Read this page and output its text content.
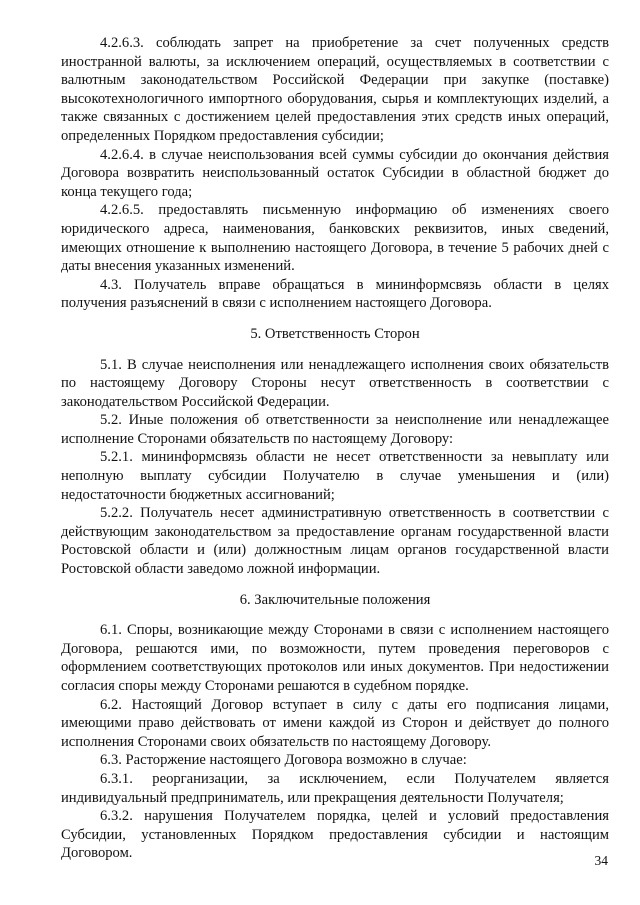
4.2.6.3. соблюдать запрет на приобретение за счет полученных средств иностранной валюты, за исключением операций, осуществляемых в соответствии с валютным законодательством Российской Федерации при закупке (поставке) высокотехнологичного импортного оборудования, сырья и комплектующих изделий, а также связанных с достижением целей предоставления этих средств иных операций, определенных Порядком предоставления субсидии;

4.2.6.4. в случае неиспользования всей суммы субсидии до окончания действия Договора возвратить неиспользованный остаток Субсидии в областной бюджет до конца текущего года;

4.2.6.5. предоставлять письменную информацию об изменениях своего юридического адреса, наименования, банковских реквизитов, иных сведений, имеющих отношение к выполнению настоящего Договора, в течение 5 рабочих дней с даты внесения указанных изменений.

4.3. Получатель вправе обращаться в мининформсвязь области в целях получения разъяснений в связи с исполнением настоящего Договора.

5. Ответственность Сторон

5.1. В случае неисполнения или ненадлежащего исполнения своих обязательств по настоящему Договору Стороны несут ответственность в соответствии с законодательством Российской Федерации.

5.2. Иные положения об ответственности за неисполнение или ненадлежащее исполнение Сторонами обязательств по настоящему Договору:

5.2.1. мининформсвязь области не несет ответственности за невыплату или неполную выплату субсидии Получателю в случае уменьшения и (или) недостаточности бюджетных ассигнований;

5.2.2. Получатель несет административную ответственность в соответствии с действующим законодательством за предоставление органам государственной власти Ростовской области и (или) должностным лицам органов государственной власти Ростовской области заведомо ложной информации.

6. Заключительные положения

6.1. Споры, возникающие между Сторонами в связи с исполнением настоящего Договора, решаются ими, по возможности, путем проведения переговоров с оформлением соответствующих протоколов или иных документов. При недостижении согласия споры между Сторонами решаются в судебном порядке.

6.2. Настоящий Договор вступает в силу с даты его подписания лицами, имеющими право действовать от имени каждой из Сторон и действует до полного исполнения Сторонами своих обязательств по настоящему Договору.

6.3. Расторжение настоящего Договора возможно в случае:

6.3.1. реорганизации, за исключением, если Получателем является индивидуальный предприниматель, или прекращения деятельности Получателя;

6.3.2. нарушения Получателем порядка, целей и условий предоставления Субсидии, установленных Порядком предоставления субсидии и настоящим Договором.	34
